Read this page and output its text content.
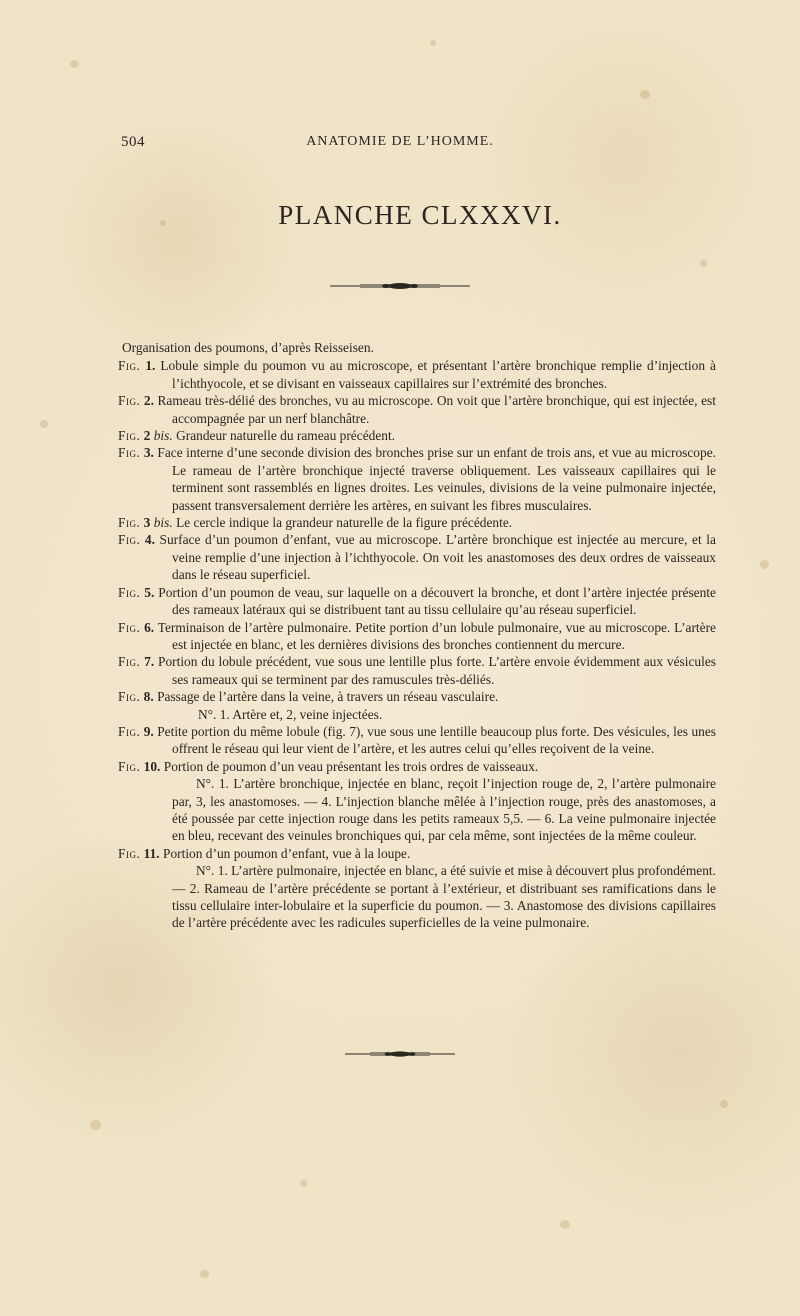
504	ANATOMIE DE L’HOMME.
PLANCHE CLXXXVI.

Organisation des poumons, d’après Reisseisen.

Fig. 1. Lobule simple du poumon vu au microscope, et présentant l’artère bronchique remplie d’injection à l’ichthyocole, et se divisant en vaisseaux capillaires sur l’extrémité des bronches.

Fig. 2. Rameau très-délié des bronches, vu au microscope. On voit que l’artère bronchique, qui est injectée, est accompagnée par un nerf blanchâtre.

Fig. 2 bis. Grandeur naturelle du rameau précédent.

Fig. 3. Face interne d’une seconde division des bronches prise sur un enfant de trois ans, et vue au microscope. Le rameau de l’artère bronchique injecté traverse obliquement. Les vaisseaux capillaires qui le terminent sont rassemblés en lignes droites. Les veinules, divisions de la veine pulmonaire injectée, passent transversalement derrière les artères, en suivant les fibres musculaires.

Fig. 3 bis. Le cercle indique la grandeur naturelle de la figure précédente.

Fig. 4. Surface d’un poumon d’enfant, vue au microscope. L’artère bronchique est injectée au mercure, et la veine remplie d’une injection à l’ichthyocole. On voit les anastomoses des deux ordres de vaisseaux dans le réseau superficiel.

Fig. 5. Portion d’un poumon de veau, sur laquelle on a découvert la bronche, et dont l’artère injectée présente des rameaux latéraux qui se distribuent tant au tissu cellulaire qu’au réseau superficiel.

Fig. 6. Terminaison de l’artère pulmonaire. Petite portion d’un lobule pulmonaire, vue au microscope. L’artère est injectée en blanc, et les dernières divisions des bronches contiennent du mercure.

Fig. 7. Portion du lobule précédent, vue sous une lentille plus forte. L’artère envoie évidemment aux vésicules ses rameaux qui se terminent par des ramuscules très-déliés.

Fig. 8. Passage de l’artère dans la veine, à travers un réseau vasculaire.

N°. 1. Artère et, 2, veine injectées.

Fig. 9. Petite portion du même lobule (fig. 7), vue sous une lentille beaucoup plus forte. Des vésicules, les unes offrent le réseau qui leur vient de l’artère, et les autres celui qu’elles reçoivent de la veine.

Fig. 10. Portion de poumon d’un veau présentant les trois ordres de vaisseaux.

N°. 1. L’artère bronchique, injectée en blanc, reçoit l’injection rouge de, 2, l’artère pulmonaire par, 3, les anastomoses. — 4. L’injection blanche mêlée à l’injection rouge, près des anastomoses, a été poussée par cette injection rouge dans les petits rameaux 5,5. — 6. La veine pulmonaire injectée en bleu, recevant des veinules bronchiques qui, par cela même, sont injectées de la même couleur.

Fig. 11. Portion d’un poumon d’enfant, vue à la loupe.

N°. 1. L’artère pulmonaire, injectée en blanc, a été suivie et mise à découvert plus profondément. — 2. Rameau de l’artère précédente se portant à l’extérieur, et distribuant ses ramifications dans le tissu cellulaire inter-lobulaire et la superficie du poumon. — 3. Anastomose des divisions capillaires de l’artère précédente avec les radicules superficielles de la veine pulmonaire.
